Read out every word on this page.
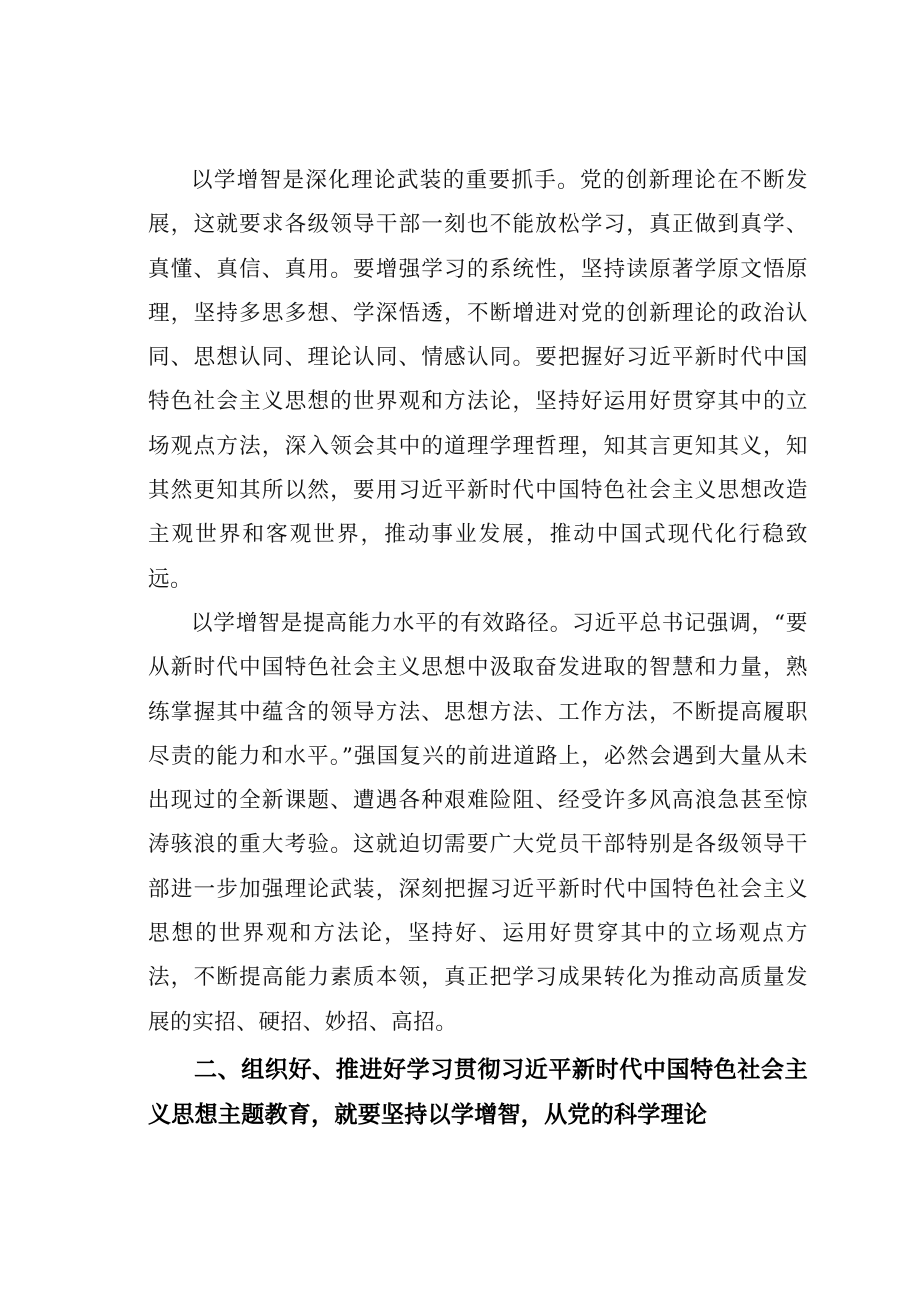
以学增智是深化理论武装的重要抓手。党的创新理论在不断发展，这就要求各级领导干部一刻也不能放松学习，真正做到真学、真懂、真信、真用。要增强学习的系统性，坚持读原著学原文悟原理，坚持多思多想、学深悟透，不断增进对党的创新理论的政治认同、思想认同、理论认同、情感认同。要把握好习近平新时代中国特色社会主义思想的世界观和方法论，坚持好运用好贯穿其中的立场观点方法，深入领会其中的道理学理哲理，知其言更知其义，知其然更知其所以然，要用习近平新时代中国特色社会主义思想改造主观世界和客观世界，推动事业发展，推动中国式现代化行稳致远。

以学增智是提高能力水平的有效路径。习近平总书记强调，“要从新时代中国特色社会主义思想中汲取奋发进取的智慧和力量，熟练掌握其中蕴含的领导方法、思想方法、工作方法，不断提高履职尽责的能力和水平。”强国复兴的前进道路上，必然会遇到大量从未出现过的全新课题、遭遇各种艰难险阻、经受许多风高浪急甚至惊涛骇浪的重大考验。这就迫切需要广大党员干部特别是各级领导干部进一步加强理论武装，深刻把握习近平新时代中国特色社会主义思想的世界观和方法论，坚持好、运用好贯穿其中的立场观点方法，不断提高能力素质本领，真正把学习成果转化为推动高质量发展的实招、硬招、妙招、高招。

二、组织好、推进好学习贯彻习近平新时代中国特色社会主义思想主题教育，就要坚持以学增智，从党的科学理论
